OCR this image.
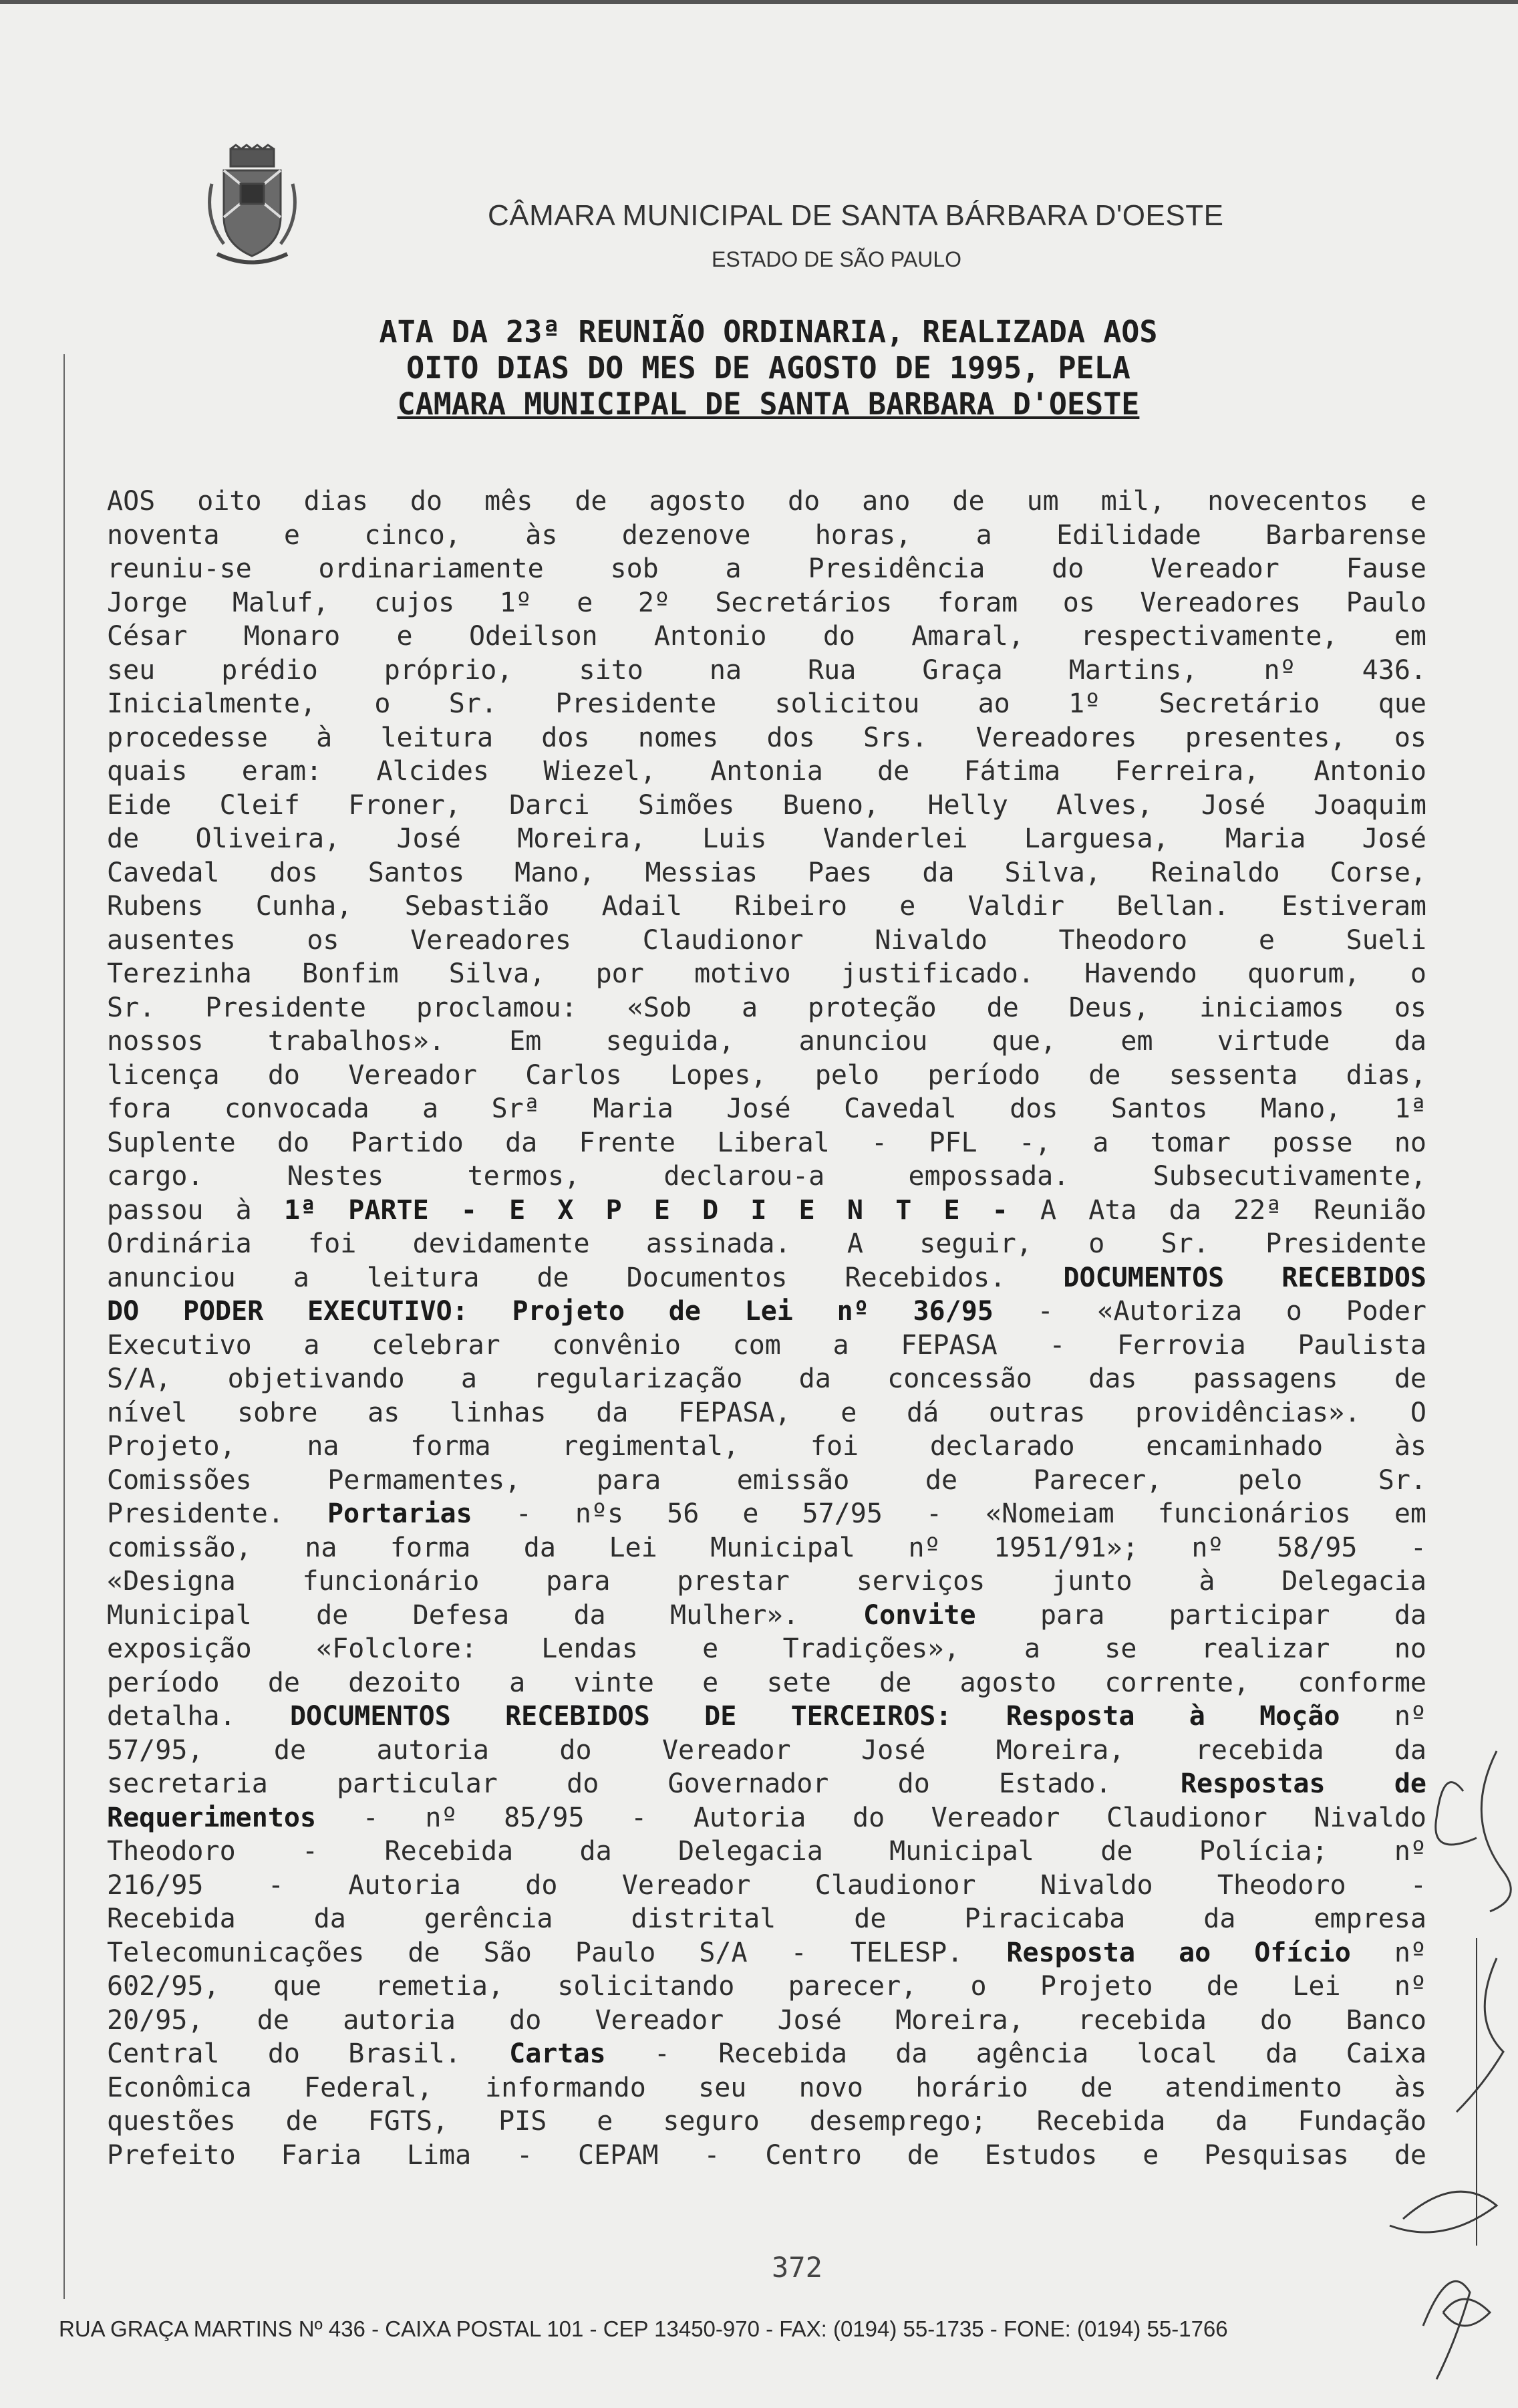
CÂMARA MUNICIPAL DE SANTA BÁRBARA D'OESTE
ESTADO DE SÃO PAULO
ATA DA 23ª REUNIÃO ORDINARIA, REALIZADA AOS
OITO DIAS DO MES DE AGOSTO DE 1995, PELA
CAMARA MUNICIPAL DE SANTA BARBARA D'OESTE
AOS oito dias do mês de agosto do ano de um mil, novecentos e
noventa e cinco, às dezenove horas, a Edilidade Barbarense
reuniu-se ordinariamente sob a Presidência do Vereador Fause
Jorge Maluf, cujos 1º e 2º Secretários foram os Vereadores Paulo
César Monaro e Odeilson Antonio do Amaral, respectivamente, em
seu prédio próprio, sito na Rua Graça Martins, nº 436.
Inicialmente, o Sr. Presidente solicitou ao 1º Secretário que
procedesse à leitura dos nomes dos Srs. Vereadores presentes, os
quais eram: Alcides Wiezel, Antonia de Fátima Ferreira, Antonio
Eide Cleif Froner, Darci Simões Bueno, Helly Alves, José Joaquim
de Oliveira, José Moreira, Luis Vanderlei Larguesa, Maria José
Cavedal dos Santos Mano, Messias Paes da Silva, Reinaldo Corse,
Rubens Cunha, Sebastião Adail Ribeiro e Valdir Bellan. Estiveram
ausentes os Vereadores Claudionor Nivaldo Theodoro e Sueli
Terezinha Bonfim Silva, por motivo justificado. Havendo quorum, o
Sr. Presidente proclamou: «Sob a proteção de Deus, iniciamos os
nossos trabalhos». Em seguida, anunciou que, em virtude da
licença do Vereador Carlos Lopes, pelo período de sessenta dias,
fora convocada a Srª Maria José Cavedal dos Santos Mano, 1ª
Suplente do Partido da Frente Liberal - PFL -, a tomar posse no
cargo. Nestes termos, declarou-a empossada. Subsecutivamente,
passou à 1ª PARTE - E X P E D I E N T E - A Ata da 22ª Reunião
Ordinária foi devidamente assinada. A seguir, o Sr. Presidente
anunciou a leitura de Documentos Recebidos. DOCUMENTOS RECEBIDOS
DO PODER EXECUTIVO: Projeto de Lei nº 36/95 - «Autoriza o Poder
Executivo a celebrar convênio com a FEPASA - Ferrovia Paulista
S/A, objetivando a regularização da concessão das passagens de
nível sobre as linhas da FEPASA, e dá outras providências». O
Projeto, na forma regimental, foi declarado encaminhado às
Comissões Permamentes, para emissão de Parecer, pelo Sr.
Presidente. Portarias - nºs 56 e 57/95 - «Nomeiam funcionários em
comissão, na forma da Lei Municipal nº 1951/91»; nº 58/95 -
«Designa funcionário para prestar serviços junto à Delegacia
Municipal de Defesa da Mulher». Convite para participar da
exposição «Folclore: Lendas e Tradições», a se realizar no
período de dezoito a vinte e sete de agosto corrente, conforme
detalha. DOCUMENTOS RECEBIDOS DE TERCEIROS: Resposta à Moção nº
57/95, de autoria do Vereador José Moreira, recebida da
secretaria particular do Governador do Estado. Respostas de
Requerimentos - nº 85/95 - Autoria do Vereador Claudionor Nivaldo
Theodoro - Recebida da Delegacia Municipal de Polícia; nº
216/95 - Autoria do Vereador Claudionor Nivaldo Theodoro -
Recebida da gerência distrital de Piracicaba da empresa
Telecomunicações de São Paulo S/A - TELESP. Resposta ao Ofício nº
602/95, que remetia, solicitando parecer, o Projeto de Lei nº
20/95, de autoria do Vereador José Moreira, recebida do Banco
Central do Brasil. Cartas - Recebida da agência local da Caixa
Econômica Federal, informando seu novo horário de atendimento às
questões de FGTS, PIS e seguro desemprego; Recebida da Fundação
Prefeito Faria Lima - CEPAM - Centro de Estudos e Pesquisas de
372
RUA GRAÇA MARTINS Nº 436 - CAIXA POSTAL 101 - CEP 13450-970 - FAX: (0194) 55-1735 - FONE: (0194) 55-1766
